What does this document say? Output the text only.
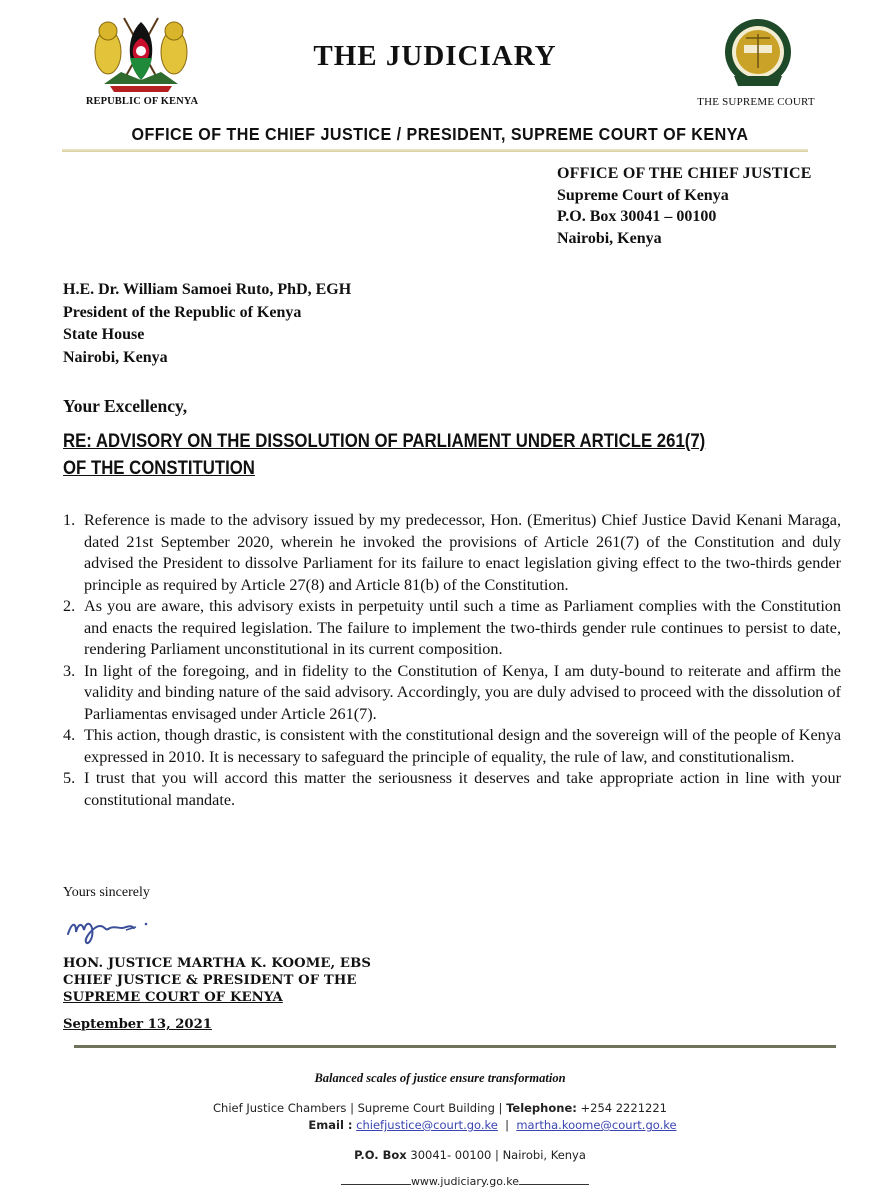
REPUBLIC OF KENYA
THE JUDICIARY
THE SUPREME COURT
OFFICE OF THE CHIEF JUSTICE / PRESIDENT, SUPREME COURT OF KENYA
OFFICE OF THE CHIEF JUSTICE
Supreme Court of Kenya
P.O. Box 30041 – 00100
Nairobi, Kenya
H.E. Dr. William Samoei Ruto, PhD, EGH
President of the Republic of Kenya
State House
Nairobi, Kenya
Your Excellency,
RE: ADVISORY ON THE DISSOLUTION OF PARLIAMENT UNDER ARTICLE 261(7)
OF THE CONSTITUTION
1. Reference is made to the advisory issued by my predecessor, Hon. (Emeritus) Chief Justice David Kenani Maraga, dated 21st September 2020, wherein he invoked the provisions of Article 261(7) of the Constitution and duly advised the President to dissolve Parliament for its failure to enact legislation giving effect to the two-thirds gender principle as required by Article 27(8) and Article 81(b) of the Constitution.
2. As you are aware, this advisory exists in perpetuity until such a time as Parliament complies with the Constitution and enacts the required legislation. The failure to implement the two-thirds gender rule continues to persist to date, rendering Parliament unconstitutional in its current composition.
3. In light of the foregoing, and in fidelity to the Constitution of Kenya, I am duty-bound to reiterate and affirm the validity and binding nature of the said advisory. Accordingly, you are duly advised to proceed with the dissolution of Parliamentas envisaged under Article 261(7).
4. This action, though drastic, is consistent with the constitutional design and the sovereign will of the people of Kenya expressed in 2010. It is necessary to safeguard the principle of equality, the rule of law, and constitutionalism.
5. I trust that you will accord this matter the seriousness it deserves and take appropriate action in line with your constitutional mandate.
Yours sincerely
HON. JUSTICE MARTHA K. KOOME, EBS
CHIEF JUSTICE & PRESIDENT OF THE
SUPREME COURT OF KENYA
September 13, 2021
Balanced scales of justice ensure transformation
Chief Justice Chambers | Supreme Court Building | Telephone: +254 2221221
Email : chiefjustice@court.go.ke | martha.koome@court.go.ke
P.O. Box 30041- 00100 | Nairobi, Kenya
www.judiciary.go.ke
